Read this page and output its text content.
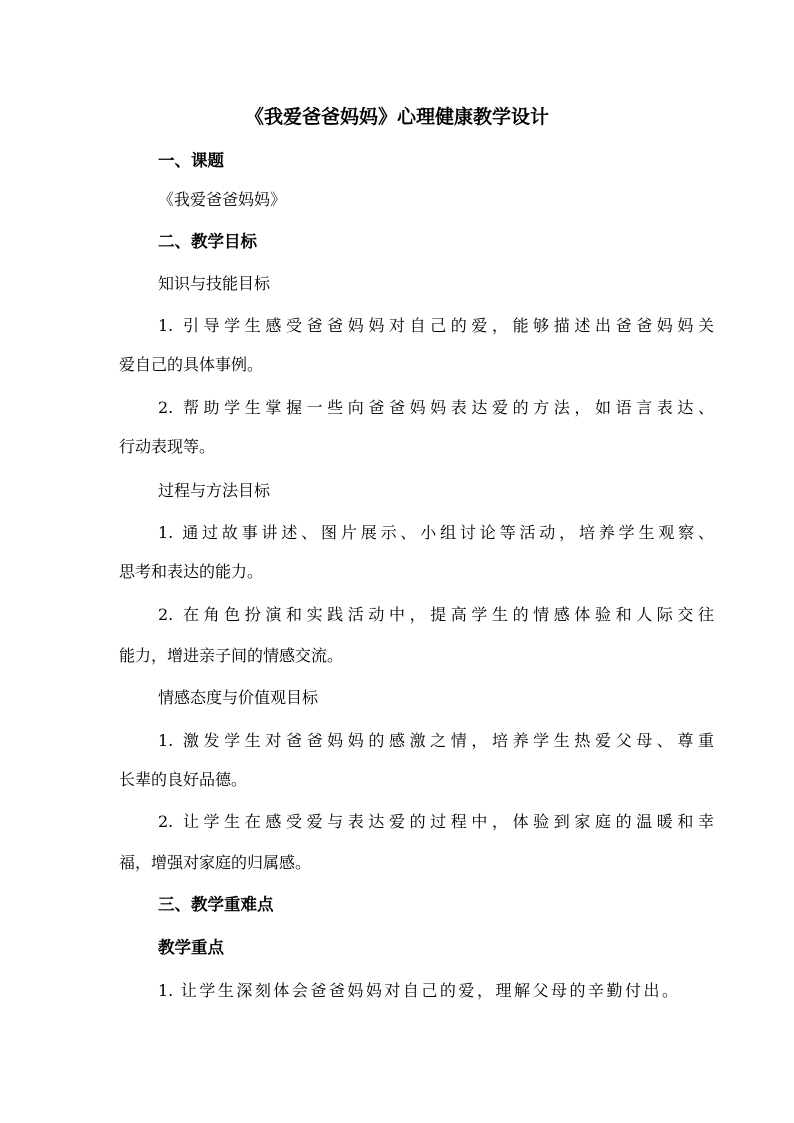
《我爱爸爸妈妈》心理健康教学设计

一、课题

《我爱爸爸妈妈》

二、教学目标

知识与技能目标

1. 引导学生感受爸爸妈妈对自己的爱，能够描述出爸爸妈妈关

爱自己的具体事例。

2. 帮助学生掌握一些向爸爸妈妈表达爱的方法，如语言表达、

行动表现等。

过程与方法目标

1. 通过故事讲述、图片展示、小组讨论等活动，培养学生观察、

思考和表达的能力。

2. 在角色扮演和实践活动中，提高学生的情感体验和人际交往

能力，增进亲子间的情感交流。

情感态度与价值观目标

1. 激发学生对爸爸妈妈的感激之情，培养学生热爱父母、尊重

长辈的良好品德。

2. 让学生在感受爱与表达爱的过程中，体验到家庭的温暖和幸

福，增强对家庭的归属感。

三、教学重难点

教学重点

1. 让学生深刻体会爸爸妈妈对自己的爱，理解父母的辛勤付出。
